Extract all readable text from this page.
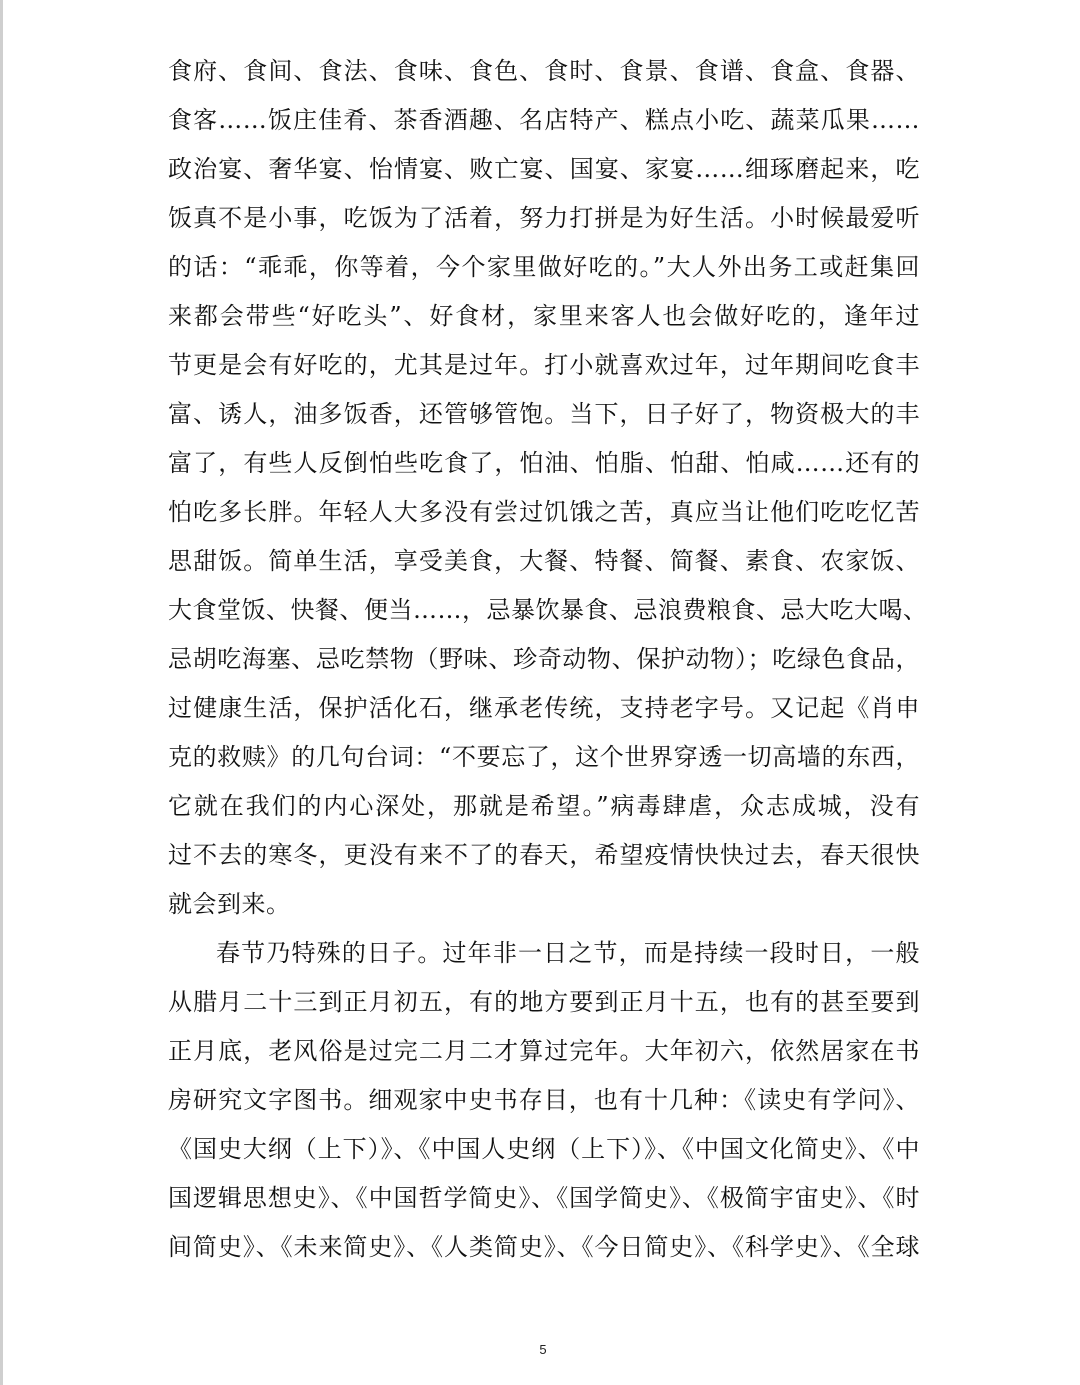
食府、食间、食法、食味、食色、食时、食景、食谱、食盒、食器、
食客……饭庄佳肴、茶香酒趣、名店特产、糕点小吃、蔬菜瓜果……
政治宴、奢华宴、怡情宴、败亡宴、国宴、家宴……细琢磨起来，吃
饭真不是小事，吃饭为了活着，努力打拼是为好生活。小时候最爱听
的话：“乖乖，你等着，今个家里做好吃的。”大人外出务工或赶集回
来都会带些“好吃头”、好食材，家里来客人也会做好吃的，逢年过
节更是会有好吃的，尤其是过年。打小就喜欢过年，过年期间吃食丰
富、诱人，油多饭香，还管够管饱。当下，日子好了，物资极大的丰
富了，有些人反倒怕些吃食了，怕油、怕脂、怕甜、怕咸……还有的
怕吃多长胖。年轻人大多没有尝过饥饿之苦，真应当让他们吃吃忆苦
思甜饭。简单生活，享受美食，大餐、特餐、简餐、素食、农家饭、
大食堂饭、快餐、便当……，忌暴饮暴食、忌浪费粮食、忌大吃大喝、
忌胡吃海塞、忌吃禁物（野味、珍奇动物、保护动物）；吃绿色食品，
过健康生活，保护活化石，继承老传统，支持老字号。又记起《肖申
克的救赎》的几句台词：“不要忘了，这个世界穿透一切高墙的东西，
它就在我们的内心深处，那就是希望。”病毒肆虐，众志成城，没有
过不去的寒冬，更没有来不了的春天，希望疫情快快过去，春天很快
就会到来。
春节乃特殊的日子。过年非一日之节，而是持续一段时日，一般
从腊月二十三到正月初五，有的地方要到正月十五，也有的甚至要到
正月底，老风俗是过完二月二才算过完年。大年初六，依然居家在书
房研究文字图书。细观家中史书存目，也有十几种：《读史有学问》、
《国史大纲（上下）》、《中国人史纲（上下）》、《中国文化简史》、《中
国逻辑思想史》、《中国哲学简史》、《国学简史》、《极简宇宙史》、《时
间简史》、《未来简史》、《人类简史》、《今日简史》、《科学史》、《全球
5
